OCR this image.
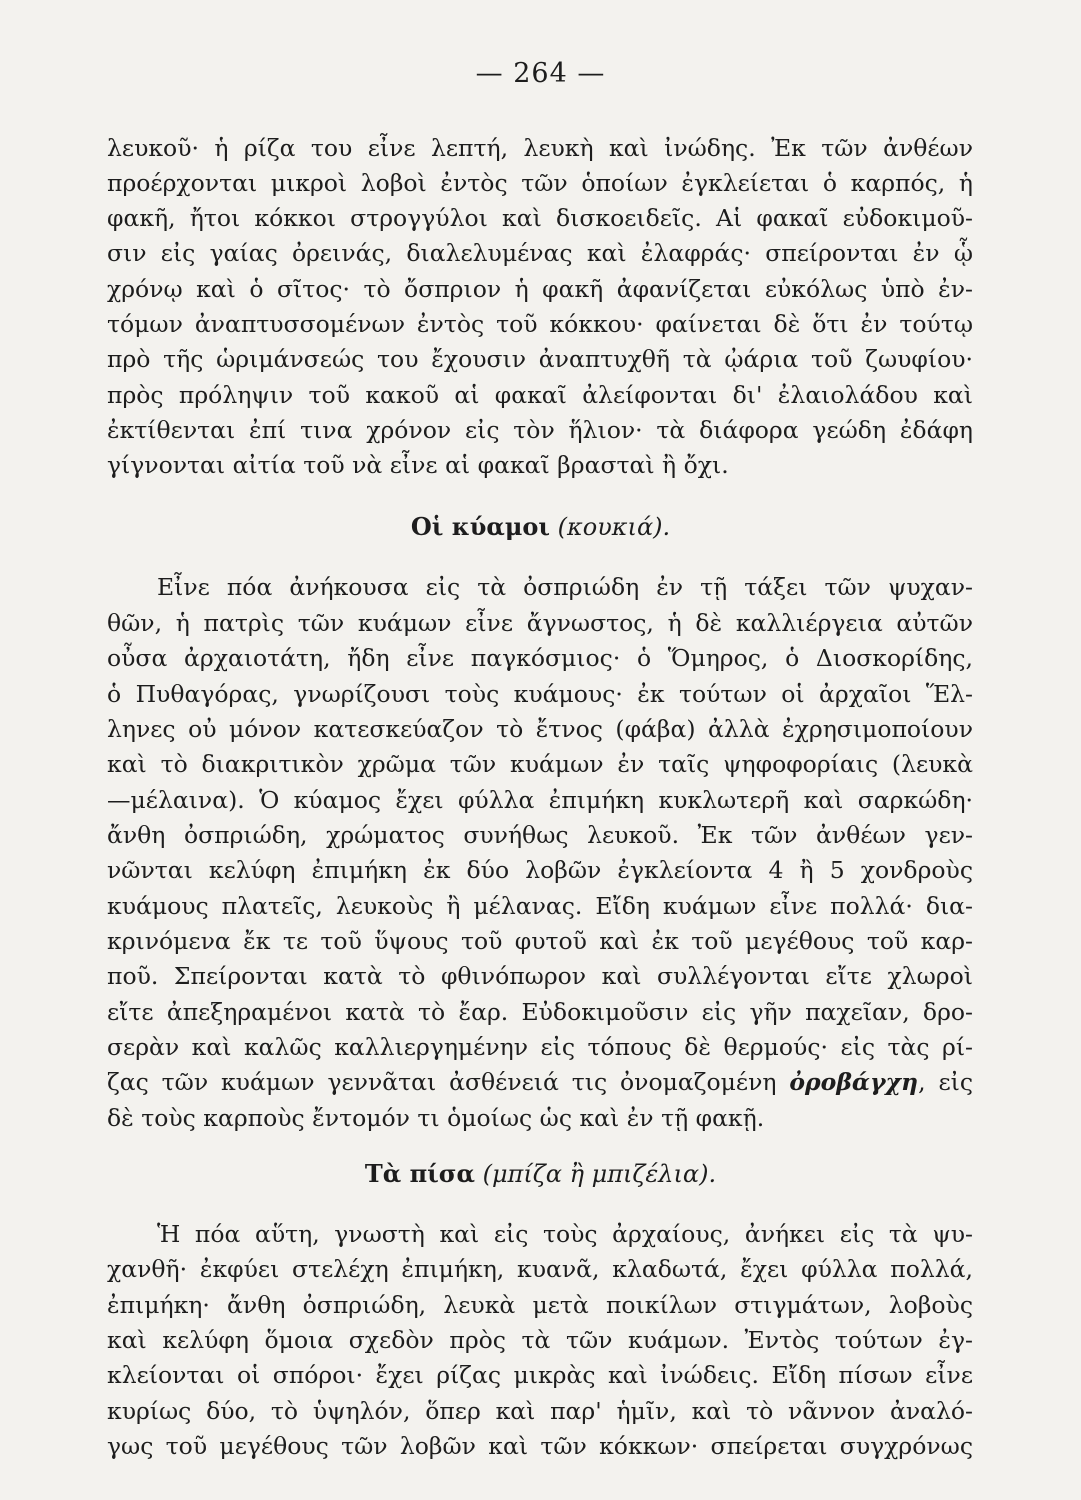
— 264 —
λευκοῦ· ἡ ρίζα του εἶνε λεπτή, λευκὴ καὶ ἰνώδης. Ἐκ τῶν ἀνθέων
προέρχονται μικροὶ λοβοὶ ἐντὸς τῶν ὁποίων ἐγκλείεται ὁ καρπός, ἡ
φακῆ, ἤτοι κόκκοι στρογγύλοι καὶ δισκοειδεῖς. Αἱ φακαῖ εὐδοκιμοῦ-
σιν εἰς γαίας ὀρεινάς, διαλελυμένας καὶ ἐλαφράς· σπείρονται ἐν ᾧ
χρόνῳ καὶ ὁ σῖτος· τὸ ὄσπριον ἡ φακῆ ἀφανίζεται εὐκόλως ὑπὸ ἐν-
τόμων ἀναπτυσσομένων ἐντὸς τοῦ κόκκου· φαίνεται δὲ ὅτι ἐν τούτῳ
πρὸ τῆς ὡριμάνσεώς του ἔχουσιν ἀναπτυχθῆ τὰ ᾠάρια τοῦ ζωυφίου·
πρὸς πρόληψιν τοῦ κακοῦ αἱ φακαῖ ἀλείφονται δι' ἐλαιολάδου καὶ
ἐκτίθενται ἐπί τινα χρόνον εἰς τὸν ἥλιον· τὰ διάφορα γεώδη ἐδάφη
γίγνονται αἰτία τοῦ νὰ εἶνε αἱ φακαῖ βρασταὶ ἢ ὄχι.
Οἱ κύαμοι (κουκιά).
Εἶνε πόα ἀνήκουσα εἰς τὰ ὀσπριώδη ἐν τῇ τάξει τῶν ψυχαν-
θῶν, ἡ πατρὶς τῶν κυάμων εἶνε ἄγνωστος, ἡ δὲ καλλιέργεια αὐτῶν
οὖσα ἀρχαιοτάτη, ἤδη εἶνε παγκόσμιος· ὁ Ὅμηρος, ὁ Διοσκορίδης,
ὁ Πυθαγόρας, γνωρίζουσι τοὺς κυάμους· ἐκ τούτων οἱ ἀρχαῖοι Ἕλ-
ληνες οὐ μόνον κατεσκεύαζον τὸ ἔτνος (φάβα) ἀλλὰ ἐχρησιμοποίουν
καὶ τὸ διακριτικὸν χρῶμα τῶν κυάμων ἐν ταῖς ψηφοφορίαις (λευκὰ
—μέλαινα). Ὁ κύαμος ἔχει φύλλα ἐπιμήκη κυκλωτερῆ καὶ σαρκώδη·
ἄνθη ὀσπριώδη, χρώματος συνήθως λευκοῦ. Ἐκ τῶν ἀνθέων γεν-
νῶνται κελύφη ἐπιμήκη ἐκ δύο λοβῶν ἐγκλείοντα 4 ἢ 5 χονδροὺς
κυάμους πλατεῖς, λευκοὺς ἢ μέλανας. Εἴδη κυάμων εἶνε πολλά· δια-
κρινόμενα ἔκ τε τοῦ ὕψους τοῦ φυτοῦ καὶ ἐκ τοῦ μεγέθους τοῦ καρ-
ποῦ. Σπείρονται κατὰ τὸ φθινόπωρον καὶ συλλέγονται εἴτε χλωροὶ
εἴτε ἀπεξηραμένοι κατὰ τὸ ἔαρ. Εὐδοκιμοῦσιν εἰς γῆν παχεῖαν, δρο-
σερὰν καὶ καλῶς καλλιεργημένην εἰς τόπους δὲ θερμούς· εἰς τὰς ρί-
ζας τῶν κυάμων γεννᾶται ἀσθένειά τις ὀνομαζομένη ὀροβάγχη, εἰς
δὲ τοὺς καρποὺς ἔντομόν τι ὁμοίως ὡς καὶ ἐν τῇ φακῇ.
Τὰ πίσα (μπίζα ἢ μπιζέλια).
Ἡ πόα αὕτη, γνωστὴ καὶ εἰς τοὺς ἀρχαίους, ἀνήκει εἰς τὰ ψυ-
χανθῆ· ἐκφύει στελέχη ἐπιμήκη, κυανᾶ, κλαδωτά, ἔχει φύλλα πολλά,
ἐπιμήκη· ἄνθη ὀσπριώδη, λευκὰ μετὰ ποικίλων στιγμάτων, λοβοὺς
καὶ κελύφη ὅμοια σχεδὸν πρὸς τὰ τῶν κυάμων. Ἐντὸς τούτων ἐγ-
κλείονται οἱ σπόροι· ἔχει ρίζας μικρὰς καὶ ἰνώδεις. Εἴδη πίσων εἶνε
κυρίως δύο, τὸ ὑψηλόν, ὅπερ καὶ παρ' ἡμῖν, καὶ τὸ νᾶννον ἀναλό-
γως τοῦ μεγέθους τῶν λοβῶν καὶ τῶν κόκκων· σπείρεται συγχρόνως
